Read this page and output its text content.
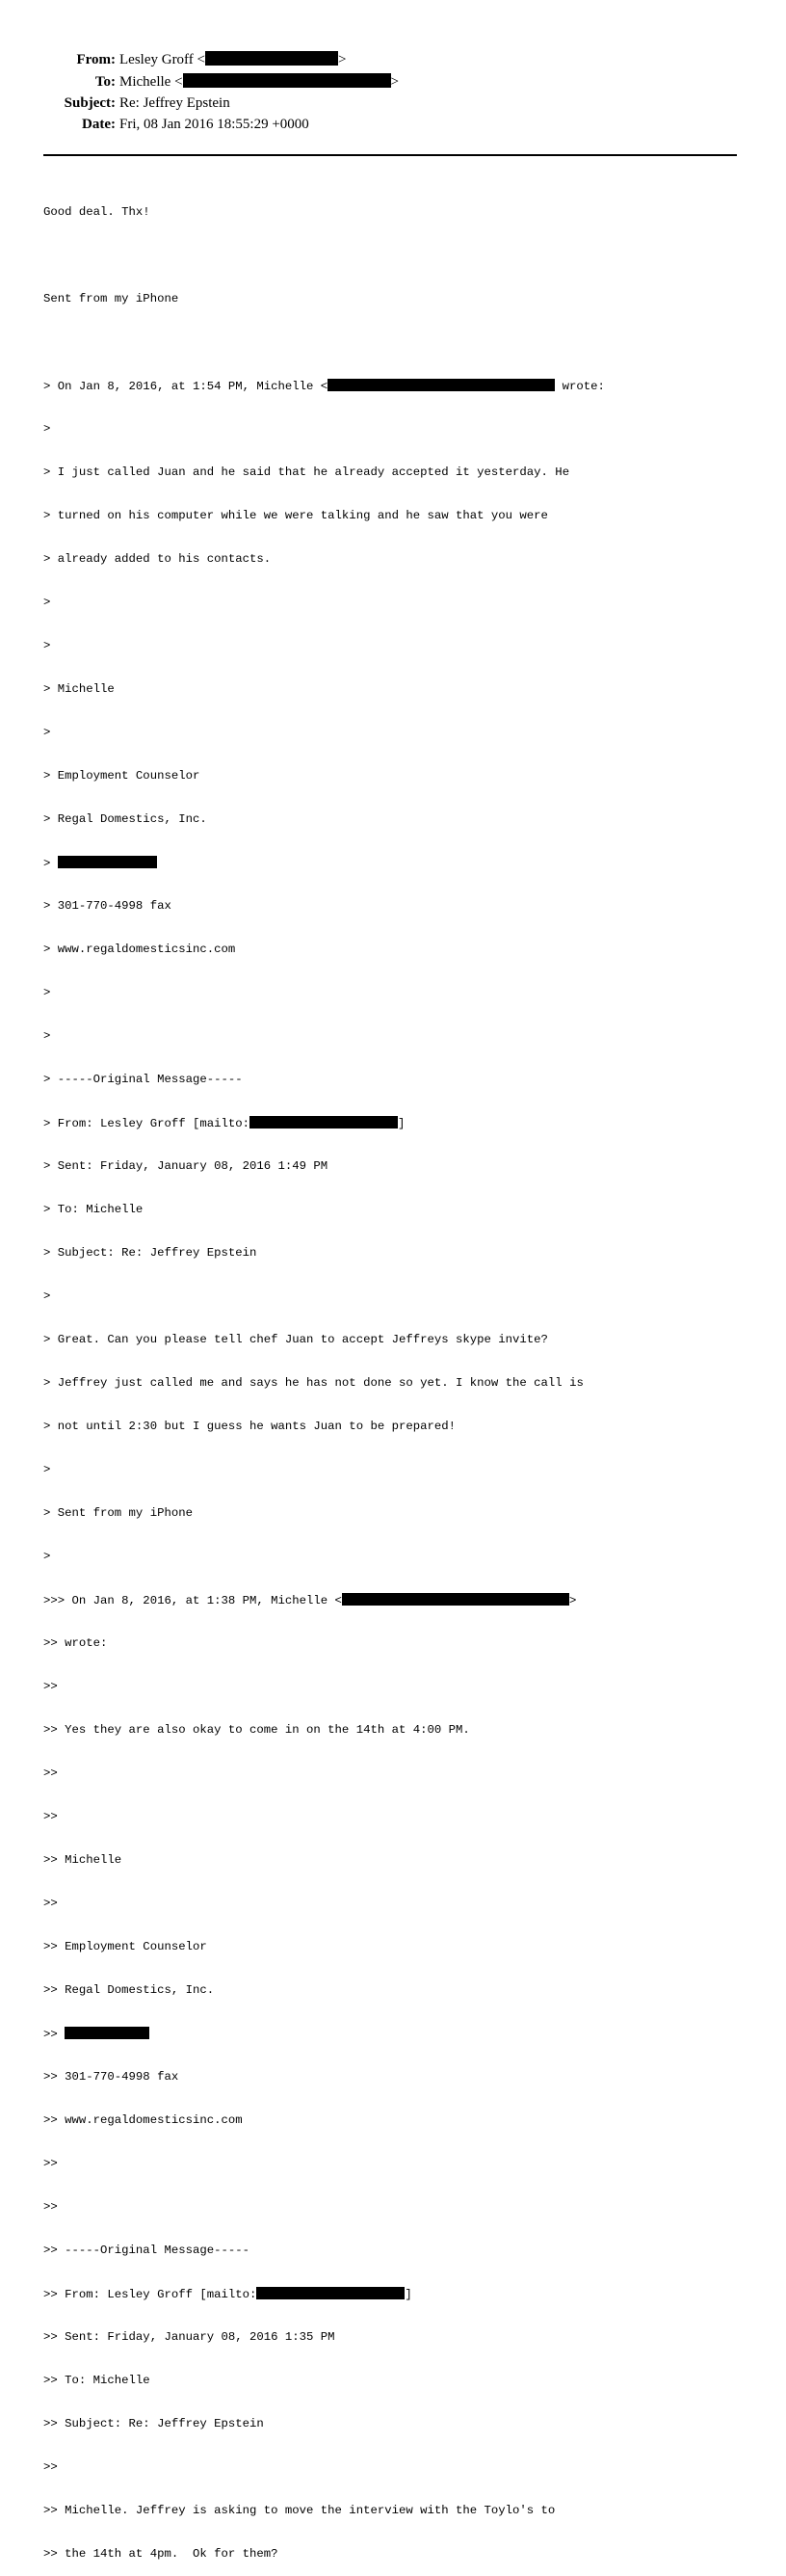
From: Lesley Groff <	>
To: Michelle <	>
Subject: Re: Jeffrey Epstein
Date: Fri, 08 Jan 2016 18:55:29 +0000

Good deal. Thx!

Sent from my iPhone

> On Jan 8, 2016, at 1:54 PM, Michelle <	wrote:

>

> I just called Juan and he said that he already accepted it yesterday. He

> turned on his computer while we were talking and he saw that you were

> already added to his contacts.

>

>

> Michelle

>

> Employment Counselor

> Regal Domestics, Inc.

>

> 301-770-4998 fax

> www.regaldomesticsinc.com

>

>

> -----Original Message-----

> From: Lesley Groff [mailto:	]

> Sent: Friday, January 08, 2016 1:49 PM

> To: Michelle

> Subject: Re: Jeffrey Epstein

>

> Great. Can you please tell chef Juan to accept Jeffreys skype invite?

> Jeffrey just called me and says he has not done so yet. I know the call is

> not until 2:30 but I guess he wants Juan to be prepared!

>

> Sent from my iPhone

>

>>> On Jan 8, 2016, at 1:38 PM, Michelle <	>

>> wrote:

>>

>> Yes they are also okay to come in on the 14th at 4:00 PM.

>>

>>

>> Michelle

>>

>> Employment Counselor

>> Regal Domestics, Inc.

>>

>> 301-770-4998 fax

>> www.regaldomesticsinc.com

>>

>>

>> -----Original Message-----

>> From: Lesley Groff [mailto:	]

>> Sent: Friday, January 08, 2016 1:35 PM

>> To: Michelle

>> Subject: Re: Jeffrey Epstein

>>

>> Michelle. Jeffrey is asking to move the interview with the Toylo's to

>> the 14th at 4pm.  Ok for them?
